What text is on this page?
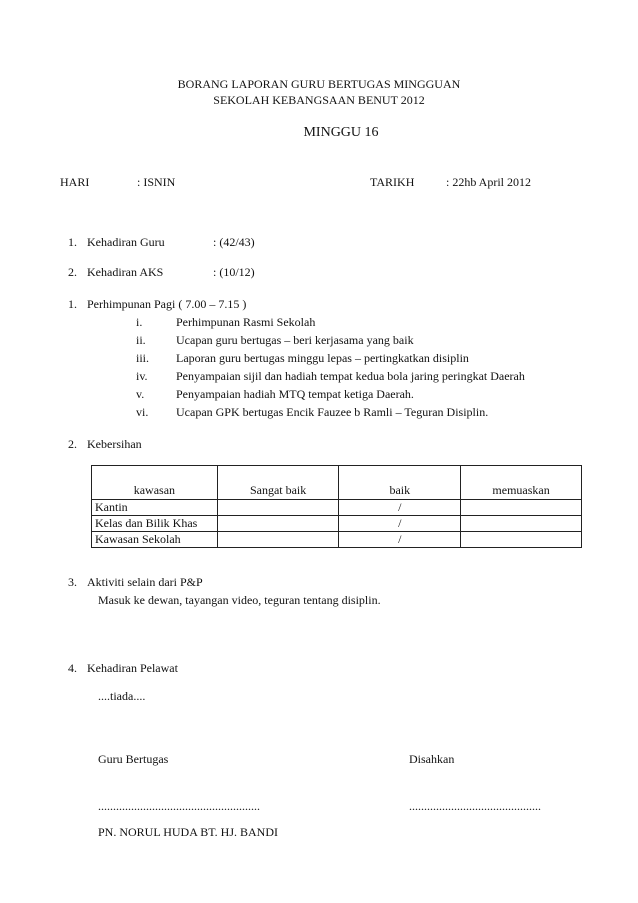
BORANG LAPORAN GURU BERTUGAS MINGGUAN
SEKOLAH KEBANGSAAN BENUT 2012
MINGGU 16
HARI	: ISNIN	TARIKH	: 22hb April 2012
1. Kehadiran Guru	: (42/43)
2. Kehadiran AKS	: (10/12)
1. Perhimpunan Pagi ( 7.00 – 7.15 )
i.	Perhimpunan Rasmi Sekolah
ii.	Ucapan guru bertugas – beri kerjasama yang baik
iii. Laporan guru bertugas minggu lepas – pertingkatkan disiplin
iv. Penyampaian sijil dan hadiah tempat kedua bola jaring peringkat Daerah
v.	Penyampaian hadiah MTQ tempat ketiga Daerah.
vi. Ucapan GPK bertugas Encik Fauzee b Ramli – Teguran Disiplin.
2. Kebersihan
kawasan	Sangat baik	baik	memuaskan
Kantin		/	
Kelas dan Bilik Khas		/	
Kawasan Sekolah		/	
3. Aktiviti selain dari P&P
Masuk ke dewan, tayangan video, teguran tentang disiplin.
4. Kehadiran Pelawat
....tiada....
Guru Bertugas	Disahkan
......................................................	............................................
PN. NORUL HUDA BT. HJ. BANDI
